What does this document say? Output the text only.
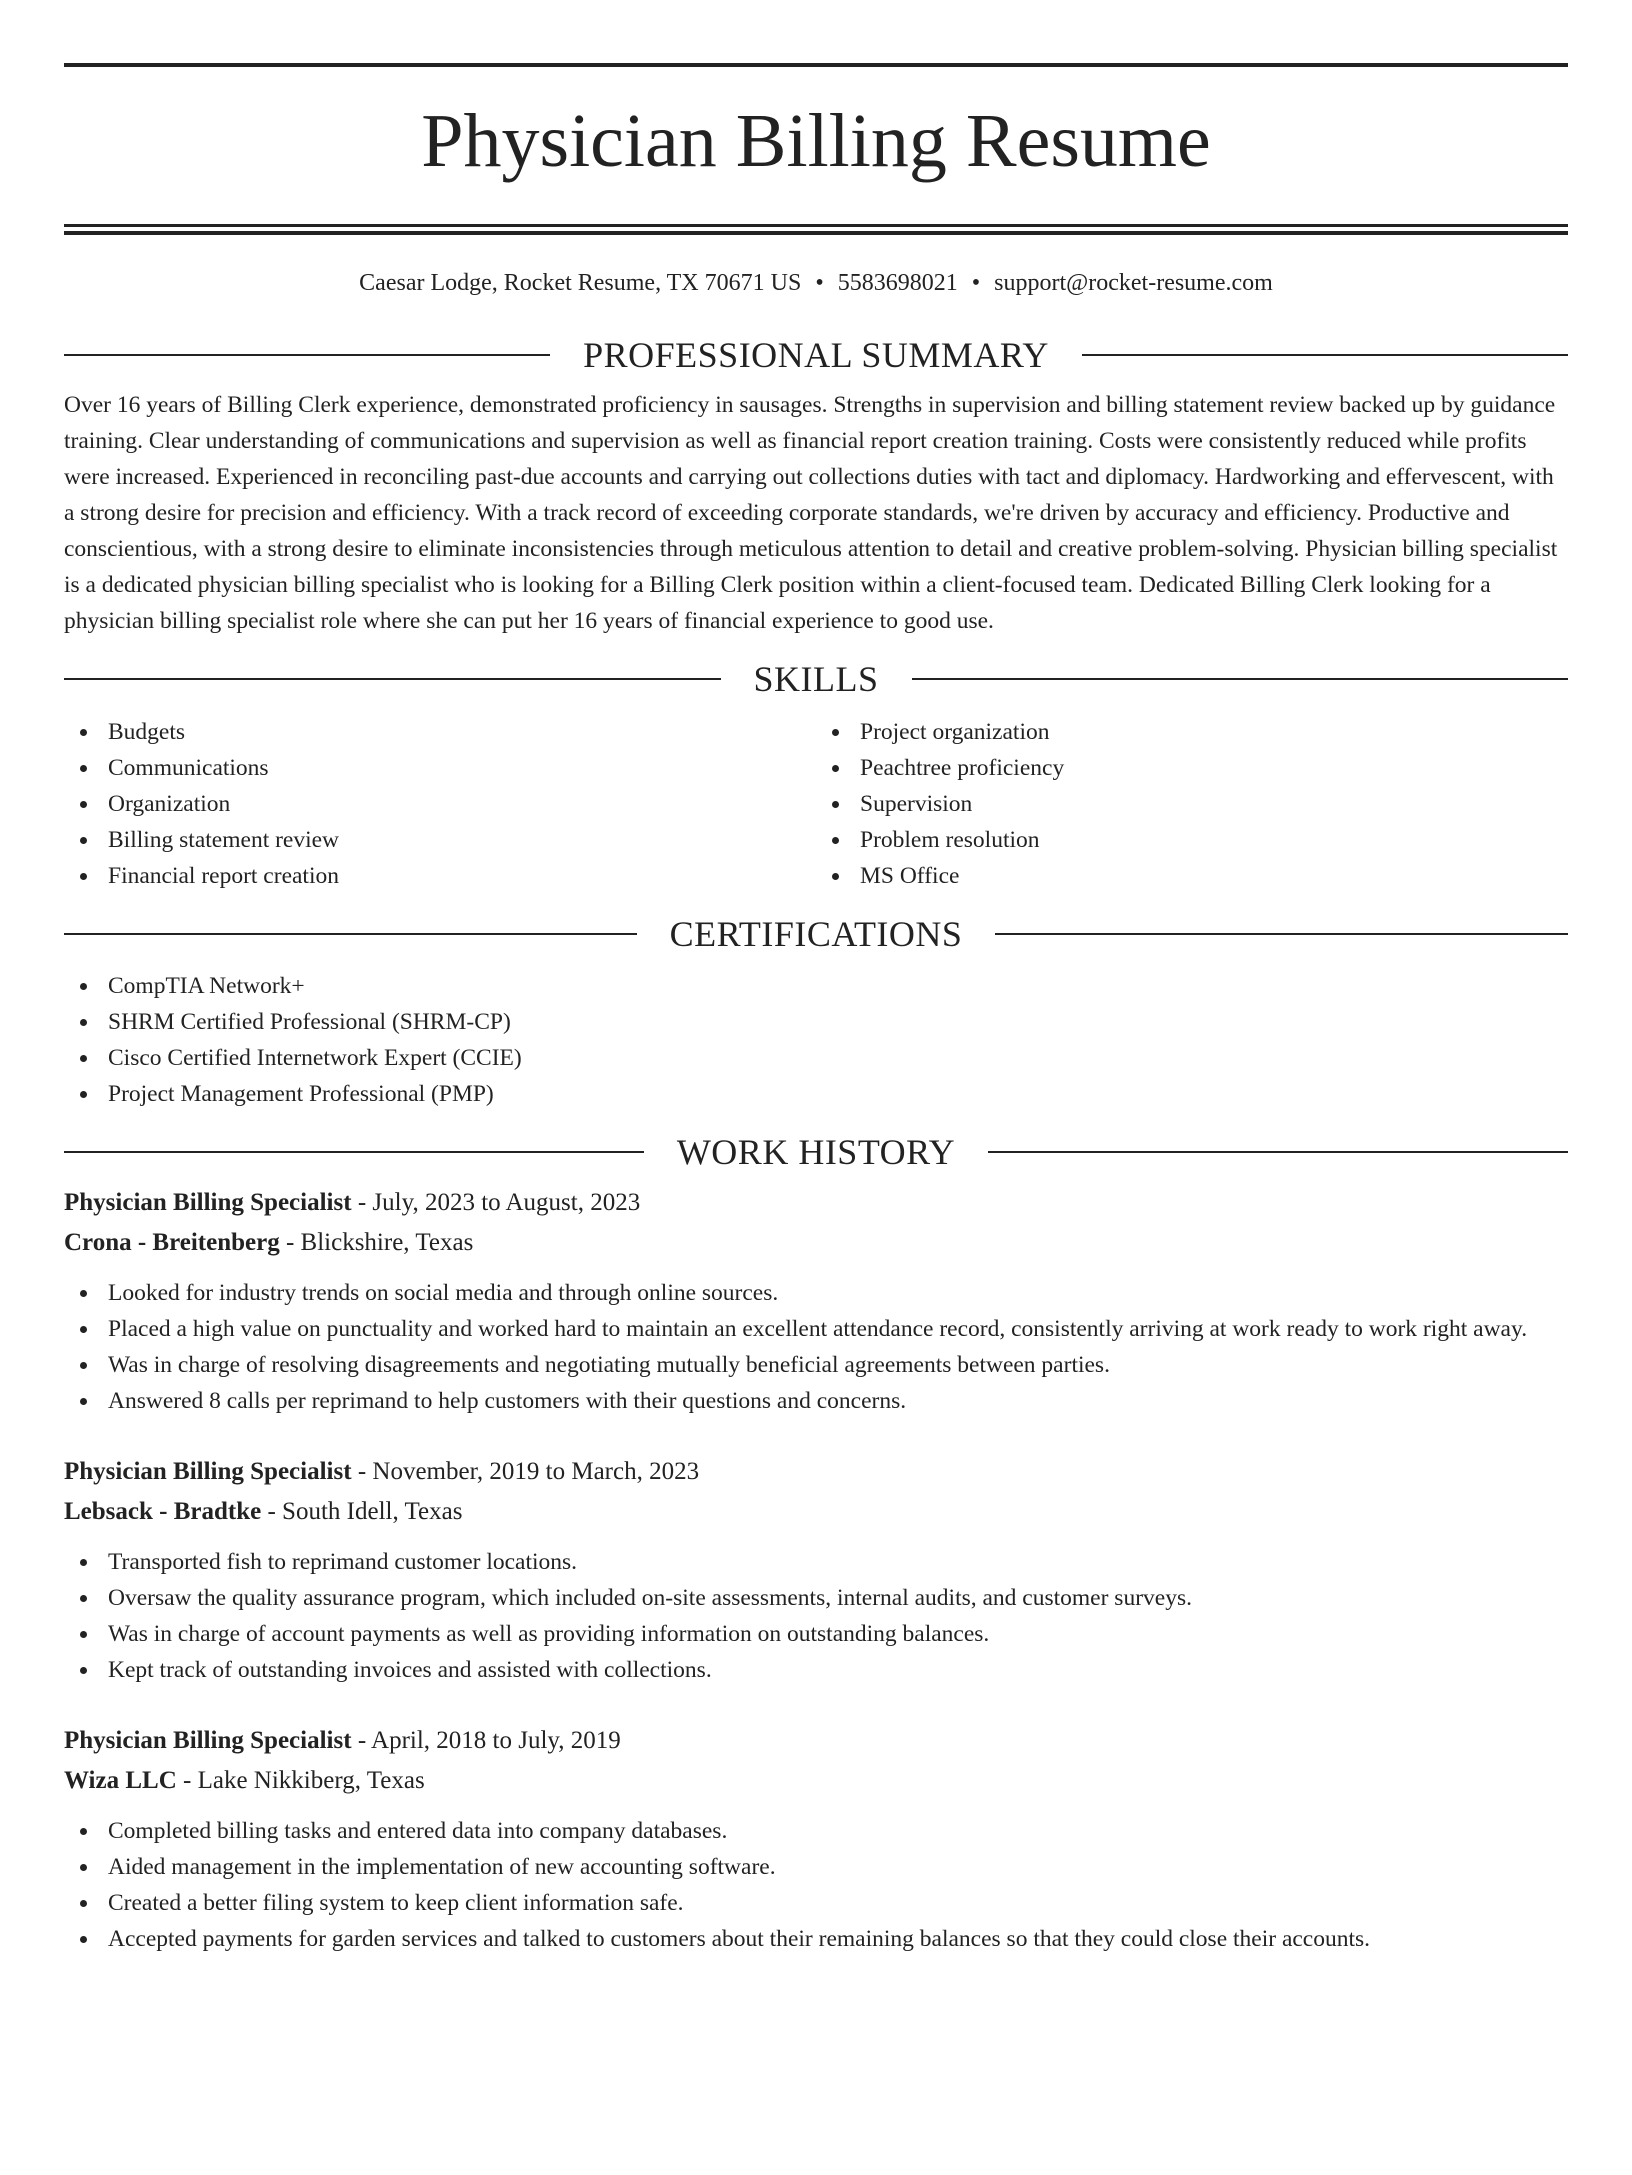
Physician Billing Resume
Caesar Lodge, Rocket Resume, TX 70671 US • 5583698021 • support@rocket-resume.com
PROFESSIONAL SUMMARY

Over 16 years of Billing Clerk experience, demonstrated proficiency in sausages. Strengths in supervision and billing statement review backed up by guidance training. Clear understanding of communications and supervision as well as financial report creation training. Costs were consistently reduced while profits were increased. Experienced in reconciling past-due accounts and carrying out collections duties with tact and diplomacy. Hardworking and effervescent, with a strong desire for precision and efficiency. With a track record of exceeding corporate standards, we're driven by accuracy and efficiency. Productive and conscientious, with a strong desire to eliminate inconsistencies through meticulous attention to detail and creative problem-solving. Physician billing specialist is a dedicated physician billing specialist who is looking for a Billing Clerk position within a client-focused team. Dedicated Billing Clerk looking for a physician billing specialist role where she can put her 16 years of financial experience to good use.

SKILLS
Budgets
Communications
Organization
Billing statement review
Financial report creation
Project organization
Peachtree proficiency
Supervision
Problem resolution
MS Office
CERTIFICATIONS
CompTIA Network+
SHRM Certified Professional (SHRM-CP)
Cisco Certified Internetwork Expert (CCIE)
Project Management Professional (PMP)
WORK HISTORY
Physician Billing Specialist - July, 2023 to August, 2023
Crona - Breitenberg - Blickshire, Texas
Looked for industry trends on social media and through online sources.
Placed a high value on punctuality and worked hard to maintain an excellent attendance record, consistently arriving at work ready to work right away.
Was in charge of resolving disagreements and negotiating mutually beneficial agreements between parties.
Answered 8 calls per reprimand to help customers with their questions and concerns.
Physician Billing Specialist - November, 2019 to March, 2023
Lebsack - Bradtke - South Idell, Texas
Transported fish to reprimand customer locations.
Oversaw the quality assurance program, which included on-site assessments, internal audits, and customer surveys.
Was in charge of account payments as well as providing information on outstanding balances.
Kept track of outstanding invoices and assisted with collections.
Physician Billing Specialist - April, 2018 to July, 2019
Wiza LLC - Lake Nikkiberg, Texas
Completed billing tasks and entered data into company databases.
Aided management in the implementation of new accounting software.
Created a better filing system to keep client information safe.
Accepted payments for garden services and talked to customers about their remaining balances so that they could close their accounts.
